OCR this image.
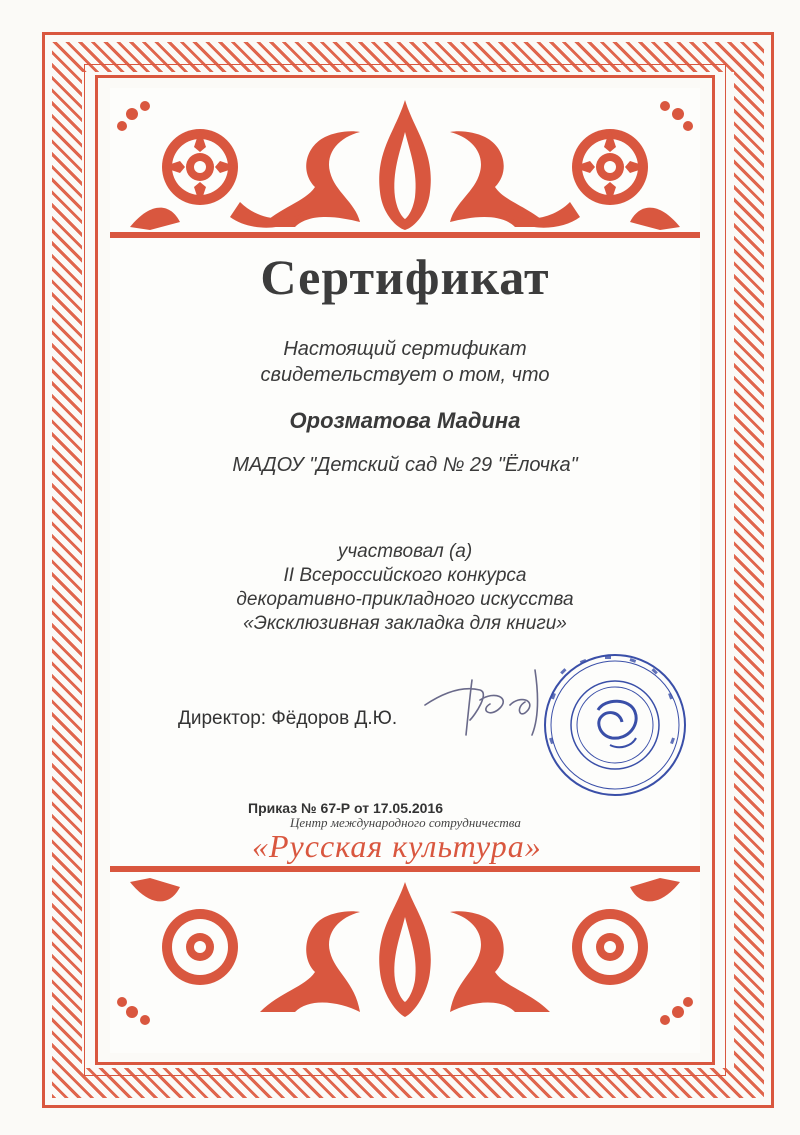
Сертификат
Настоящий сертификат
свидетельствует о том, что
Орозматова Мадина
МАДОУ "Детский сад № 29 "Ёлочка"
участвовал (а)
II Всероссийского конкурса
декоративно-прикладного искусства
«Эксклюзивная закладка для книги»
Директор: Фёдоров Д.Ю.
Приказ № 67-Р от 17.05.2016
Центр международного сотрудничества
«Русская культура»
